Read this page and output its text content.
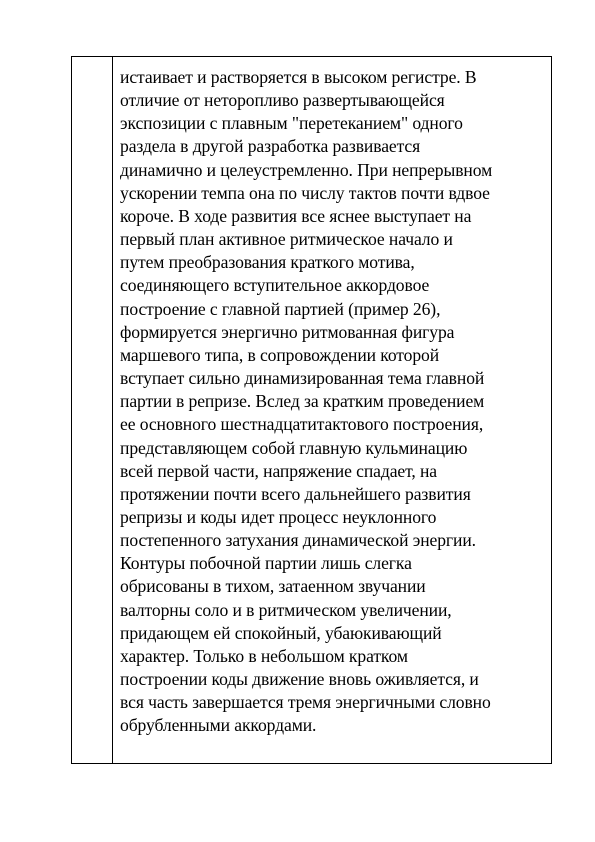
истаивает и растворяется в высоком регистре. В
отличие от неторопливо развертывающейся
экспозиции с плавным "перетеканием" одного
раздела в другой разработка развивается
динамично и целеустремленно. При непрерывном
ускорении темпа она по числу тактов почти вдвое
короче. В ходе развития все яснее выступает на
первый план активное ритмическое начало и
путем преобразования краткого мотива,
соединяющего вступительное аккордовое
построение с главной партией (пример 26),
формируется энергично ритмованная фигура
маршевого типа, в сопровождении которой
вступает сильно динамизированная тема главной
партии в репризе. Вслед за кратким проведением
ее основного шестнадцатитактового построения,
представляющем собой главную кульминацию
всей первой части, напряжение спадает, на
протяжении почти всего дальнейшего развития
репризы и коды идет процесс неуклонного
постепенного затухания динамической энергии.
Контуры побочной партии лишь слегка
обрисованы в тихом, затаенном звучании
валторны соло и в ритмическом увеличении,
придающем ей спокойный, убаюкивающий
характер. Только в небольшом кратком
построении коды движение вновь оживляется, и
вся часть завершается тремя энергичными словно
обрубленными аккордами.
